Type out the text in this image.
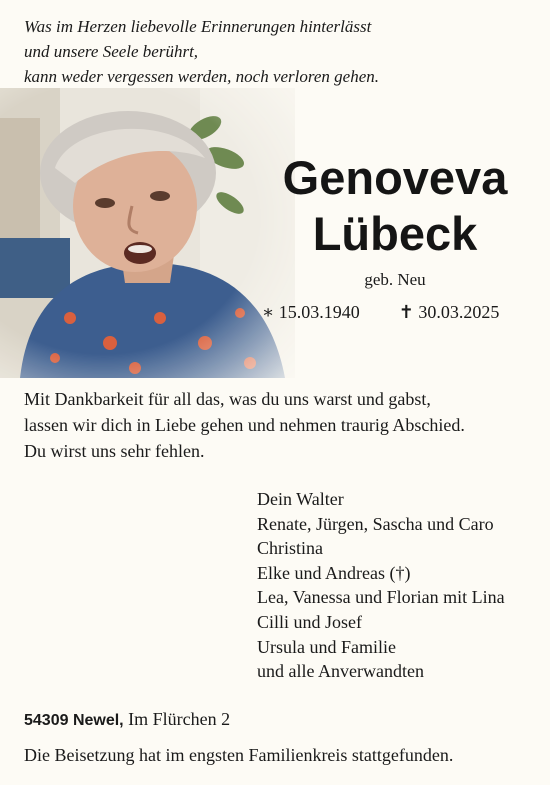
Was im Herzen liebevolle Erinnerungen hinterlässt
und unsere Seele berührt,
kann weder vergessen werden, noch verloren gehen.
Genoveva
Lübeck
geb. Neu
∗ 15.03.1940 ✝ 30.03.2025
Mit Dankbarkeit für all das, was du uns warst und gabst,
lassen wir dich in Liebe gehen und nehmen traurig Abschied.
Du wirst uns sehr fehlen.
Dein Walter
Renate, Jürgen, Sascha und Caro
Christina
Elke und Andreas (†)
Lea, Vanessa und Florian mit Lina
Cilli und Josef
Ursula und Familie
und alle Anverwandten
54309 Newel, Im Flürchen 2
Die Beisetzung hat im engsten Familienkreis stattgefunden.
